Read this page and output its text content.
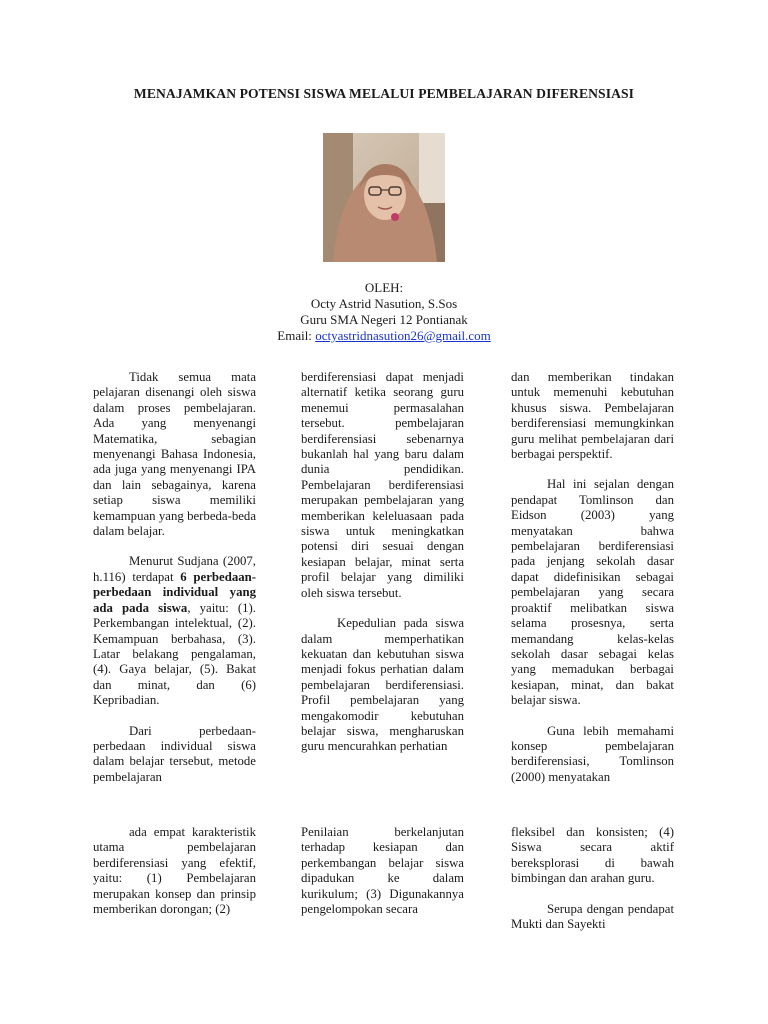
MENAJAMKAN POTENSI SISWA MELALUI PEMBELAJARAN DIFERENSIASI
OLEH:
Octy Astrid Nasution, S.Sos
Guru SMA Negeri 12 Pontianak
Email: octyastridnasution26@gmail.com

Tidak semua mata pelajaran disenangi oleh siswa dalam proses pembelajaran. Ada yang menyenangi Matematika, sebagian menyenangi Bahasa Indonesia, ada juga yang menyenangi IPA dan lain sebagainya, karena setiap siswa memiliki kemampuan yang berbeda-beda dalam belajar.

Menurut Sudjana (2007, h.116) terdapat 6 perbedaan-perbedaan individual yang ada pada siswa, yaitu: (1). Perkembangan intelektual, (2). Kemampuan berbahasa, (3). Latar belakang pengalaman, (4). Gaya belajar, (5). Bakat dan minat, dan (6) Kepribadian.

Dari perbedaan-perbedaan individual siswa dalam belajar tersebut, metode pembelajaran

berdiferensiasi dapat menjadi alternatif ketika seorang guru menemui permasalahan tersebut. pembelajaran berdiferensiasi sebenarnya bukanlah hal yang baru dalam dunia pendidikan. Pembelajaran berdiferensiasi merupakan pembelajaran yang memberikan keleluasaan pada siswa untuk meningkatkan potensi diri sesuai dengan kesiapan belajar, minat serta profil belajar yang dimiliki oleh siswa tersebut.

Kepedulian pada siswa dalam memperhatikan kekuatan dan kebutuhan siswa menjadi fokus perhatian dalam pembelajaran berdiferensiasi. Profil pembelajaran yang mengakomodir kebutuhan belajar siswa, mengharuskan guru mencurahkan perhatian

dan memberikan tindakan untuk memenuhi kebutuhan khusus siswa. Pembelajaran berdiferensiasi memungkinkan guru melihat pembelajaran dari berbagai perspektif.

Hal ini sejalan dengan pendapat Tomlinson dan Eidson (2003) yang menyatakan bahwa pembelajaran berdiferensiasi pada jenjang sekolah dasar dapat didefinisikan sebagai pembelajaran yang secara proaktif melibatkan siswa selama prosesnya, serta memandang kelas-kelas sekolah dasar sebagai kelas yang memadukan berbagai kesiapan, minat, dan bakat belajar siswa.

Guna lebih memahami konsep pembelajaran berdiferensiasi, Tomlinson (2000) menyatakan

ada empat karakteristik utama pembelajaran berdiferensiasi yang efektif, yaitu: (1) Pembelajaran merupakan konsep dan prinsip memberikan dorongan; (2)

Penilaian berkelanjutan terhadap kesiapan dan perkembangan belajar siswa dipadukan ke dalam kurikulum; (3) Digunakannya pengelompokan secara

fleksibel dan konsisten; (4) Siswa secara aktif bereksplorasi di bawah bimbingan dan arahan guru.

Serupa dengan pendapat Mukti dan Sayekti
